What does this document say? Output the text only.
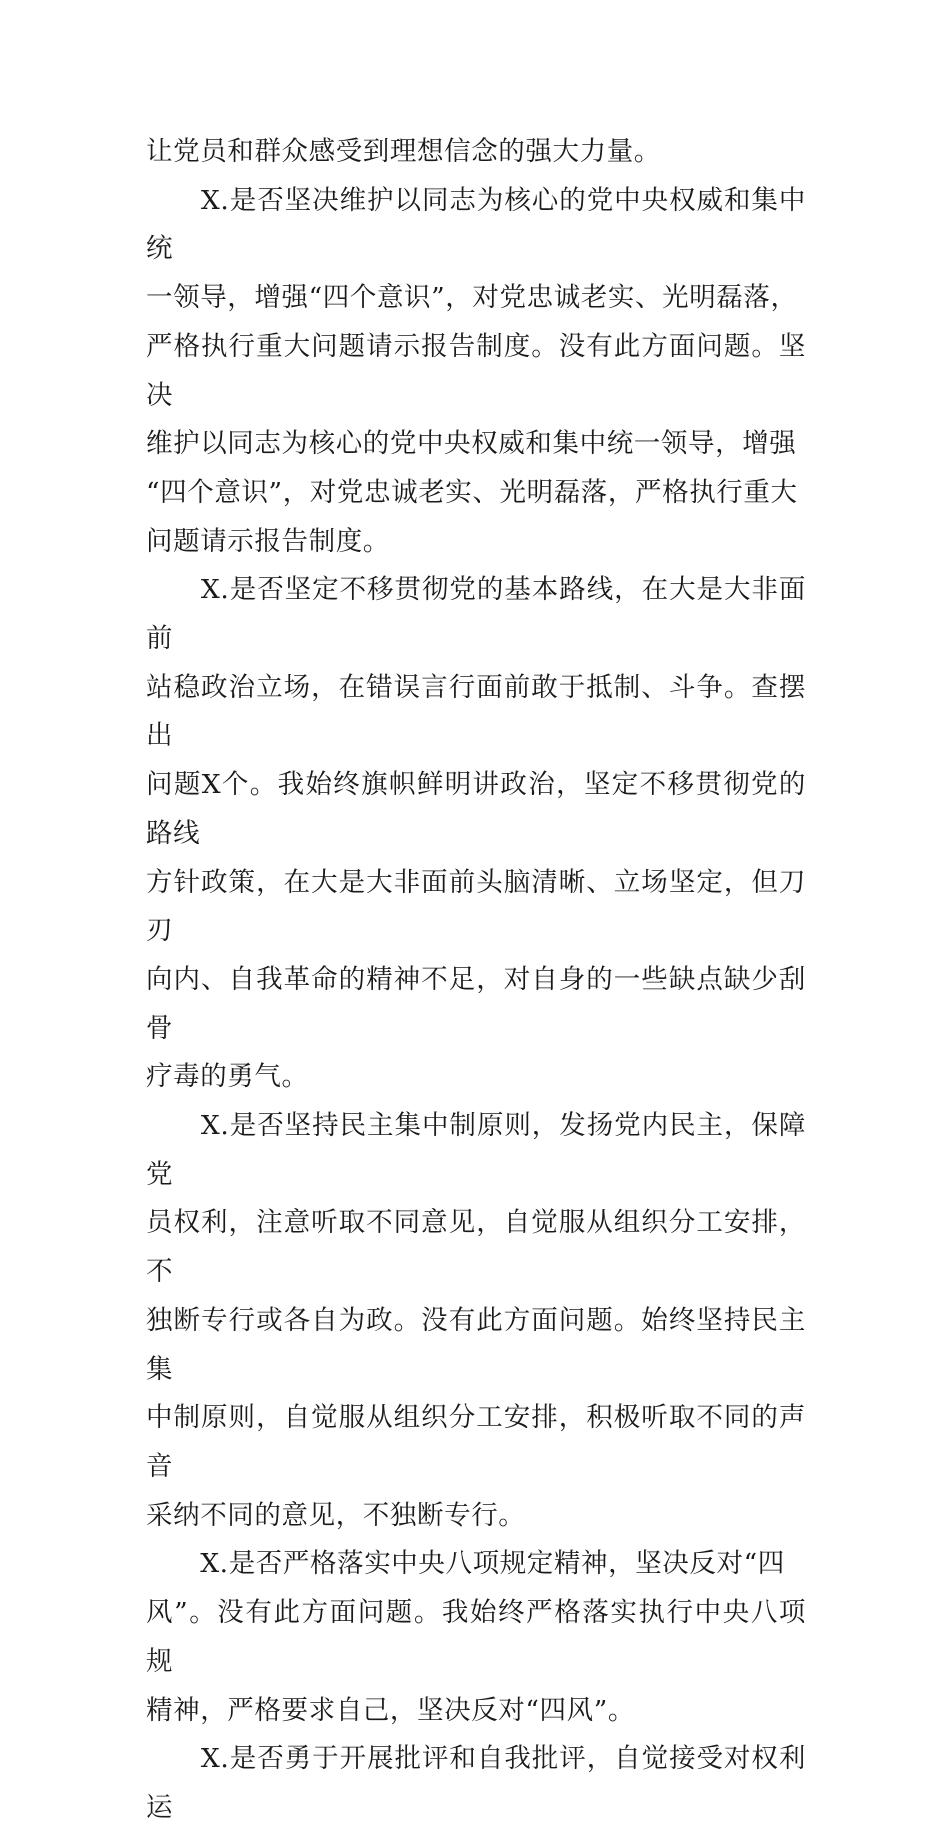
让党员和群众感受到理想信念的强大力量。

　　X.是否坚决维护以同志为核心的党中央权威和集中统
一领导，增强“四个意识”，对党忠诚老实、光明磊落，
严格执行重大问题请示报告制度。没有此方面问题。坚决
维护以同志为核心的党中央权威和集中统一领导，增强
“四个意识”，对党忠诚老实、光明磊落，严格执行重大
问题请示报告制度。

　　X.是否坚定不移贯彻党的基本路线，在大是大非面前
站稳政治立场，在错误言行面前敢于抵制、斗争。查摆出
问题X个。我始终旗帜鲜明讲政治，坚定不移贯彻党的路线
方针政策，在大是大非面前头脑清晰、立场坚定，但刀刃
向内、自我革命的精神不足，对自身的一些缺点缺少刮骨
疗毒的勇气。

　　X.是否坚持民主集中制原则，发扬党内民主，保障党
员权利，注意听取不同意见，自觉服从组织分工安排，不
独断专行或各自为政。没有此方面问题。始终坚持民主集
中制原则，自觉服从组织分工安排，积极听取不同的声音
采纳不同的意见，不独断专行。

　　X.是否严格落实中央八项规定精神，坚决反对“四
风”。没有此方面问题。我始终严格落实执行中央八项规
精神，严格要求自己，坚决反对“四风”。

　　X.是否勇于开展批评和自我批评，自觉接受对权利运
